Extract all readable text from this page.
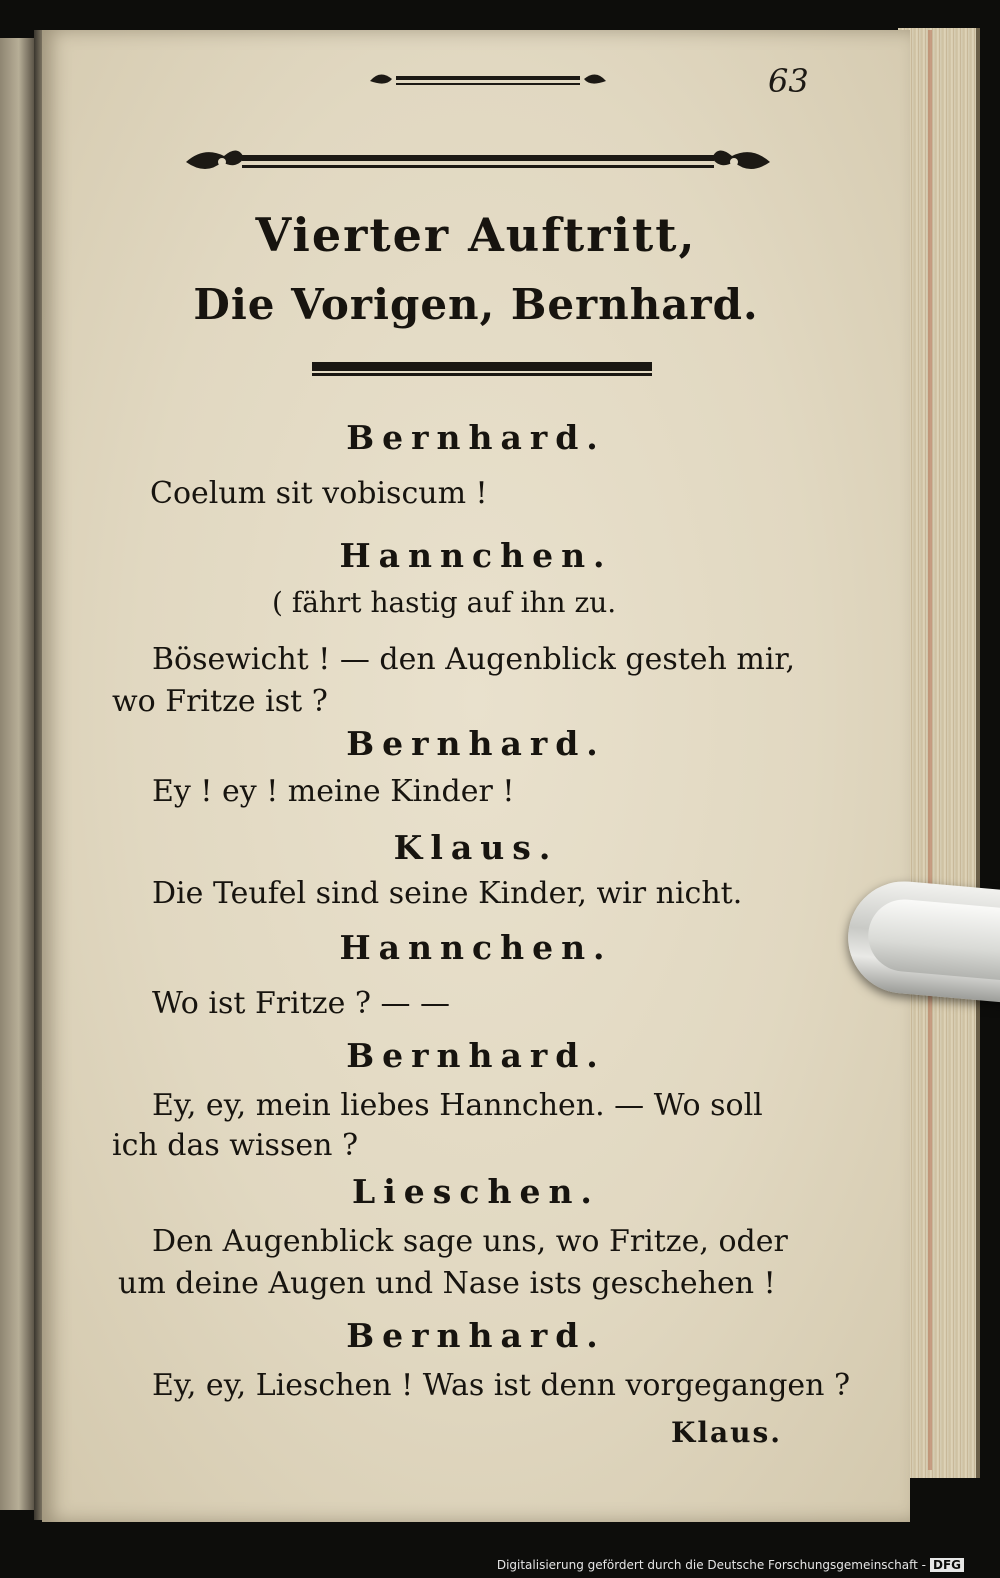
63

Vierter Auftritt,
Die Vorigen, Bernhard.

Bernhard.

Coelum sit vobiscum !

Hannchen.

( fährt hastig auf ihn zu.

Bösewicht ! — den Augenblick gesteh mir,

wo Fritze ist ?

Bernhard.

Ey ! ey ! meine Kinder !

Klaus.

Die Teufel sind seine Kinder, wir nicht.

Hannchen.

Wo ist Fritze ? — —

Bernhard.

Ey, ey, mein liebes Hannchen. — Wo soll

ich das wissen ?

Lieschen.

Den Augenblick sage uns, wo Fritze, oder

um deine Augen und Nase ists geschehen !

Bernhard.

Ey, ey, Lieschen ! Was ist denn vorgegangen ?

Klaus.

Digitalisierung gefördert durch die Deutsche Forschungsgemeinschaft - DFG
